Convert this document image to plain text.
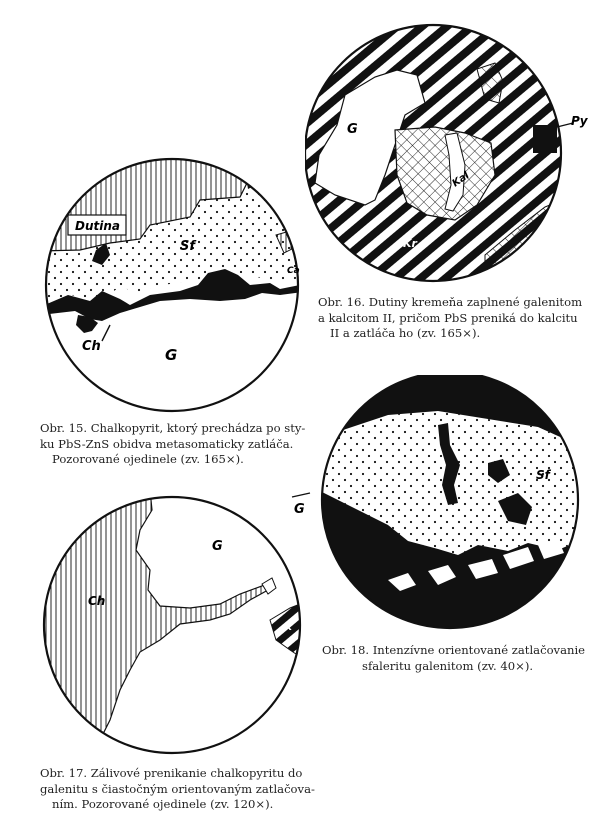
Dutina
Sf
Ca
Ch	G
Obr. 15. Chalkopyrit, ktorý prechádza po sty-
ku PbS-ZnS obidva metasomaticky zatláča.
Pozorované ojedinele (zv. 165×).
G
Py
Kal
Kr
Obr. 16. Dutiny kremeňa zaplnené galenitom
a kalcitom II, pričom PbS preniká do kalcitu
II a zatláča ho (zv. 165×).
Ch
G
K
Obr. 17. Zálivové prenikanie chalkopyritu do
galenitu s čiastočným orientovaným zatlačova-
ním. Pozorované ojedinele (zv. 120×).
G
Sf
Obr. 18. Intenzívne orientované zatlačovanie
sfaleritu galenitom (zv. 40×).
